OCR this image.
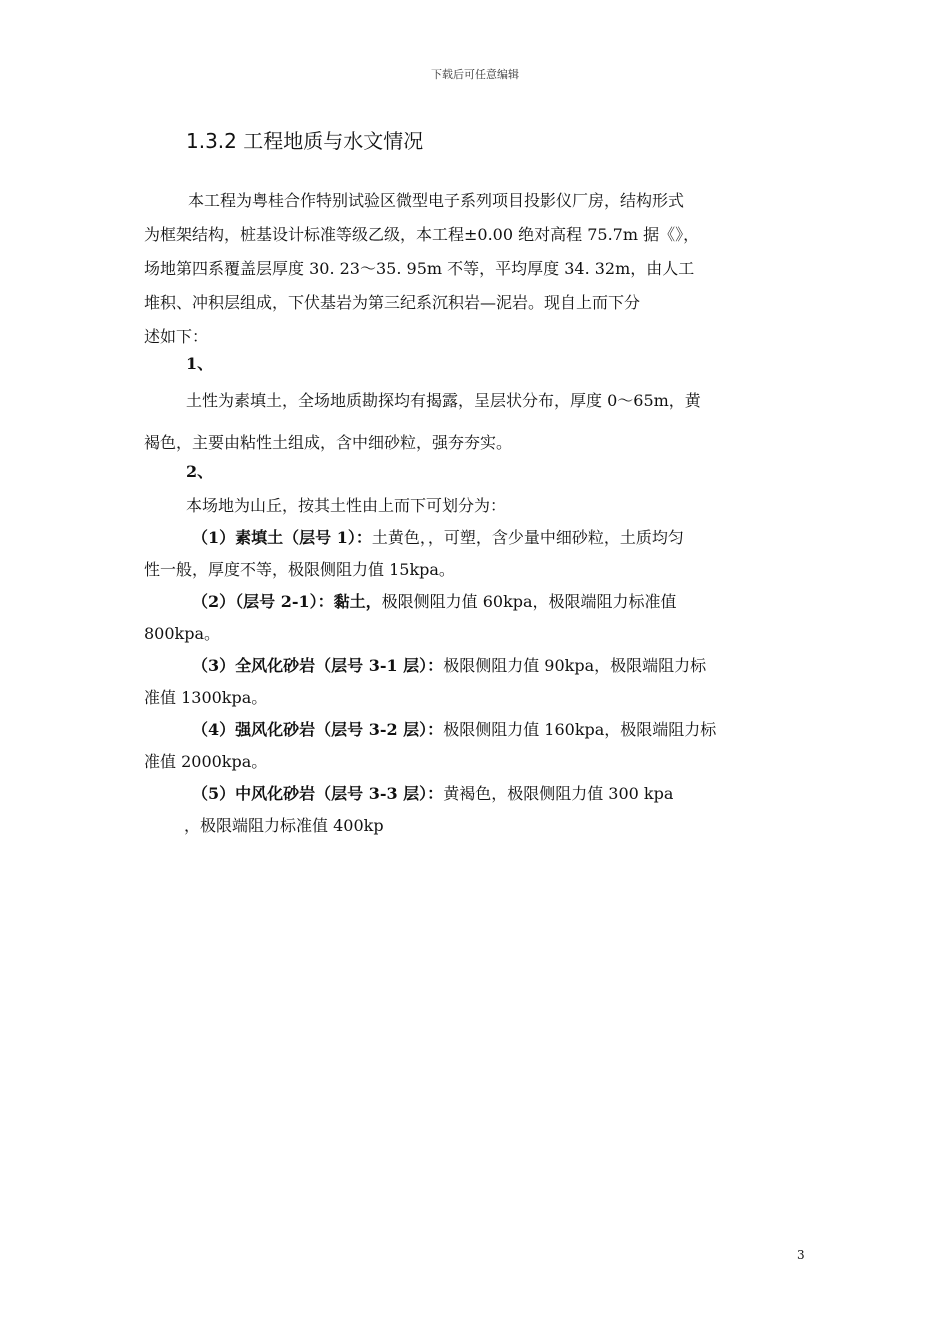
下载后可任意编辑
1.3.2 工程地质与水文情况
本工程为粤桂合作特别试验区微型电子系列项目投影仪厂房，结构形式
为框架结构，桩基设计标准等级乙级，本工程±0.00 绝对高程 75.7m 据《》，
场地第四系覆盖层厚度 30. 23～35. 95m 不等，平均厚度 34. 32m，由人工
堆积、冲积层组成，下伏基岩为第三纪系沉积岩—泥岩。现自上而下分
述如下：
1、
土性为素填土，全场地质勘探均有揭露，呈层状分布，厚度 0～65m，黄
褐色，主要由粘性土组成，含中细砂粒，强夯夯实。
2、
本场地为山丘，按其土性由上而下可划分为：
（1）素填土（层号 1）：土黄色，，可塑，含少量中细砂粒，土质均匀
性一般，厚度不等，极限侧阻力值 15kpa。
（2）（层号 2-1）：黏土，极限侧阻力值 60kpa，极限端阻力标准值
800kpa。
（3）全风化砂岩（层号 3-1 层）：极限侧阻力值 90kpa，极限端阻力标
准值 1300kpa。
（4）强风化砂岩（层号 3-2 层）：极限侧阻力值 160kpa，极限端阻力标
准值 2000kpa。
（5）中风化砂岩（层号 3-3 层）：黄褐色，极限侧阻力值 300 kpa
，极限端阻力标准值 400kp
3
